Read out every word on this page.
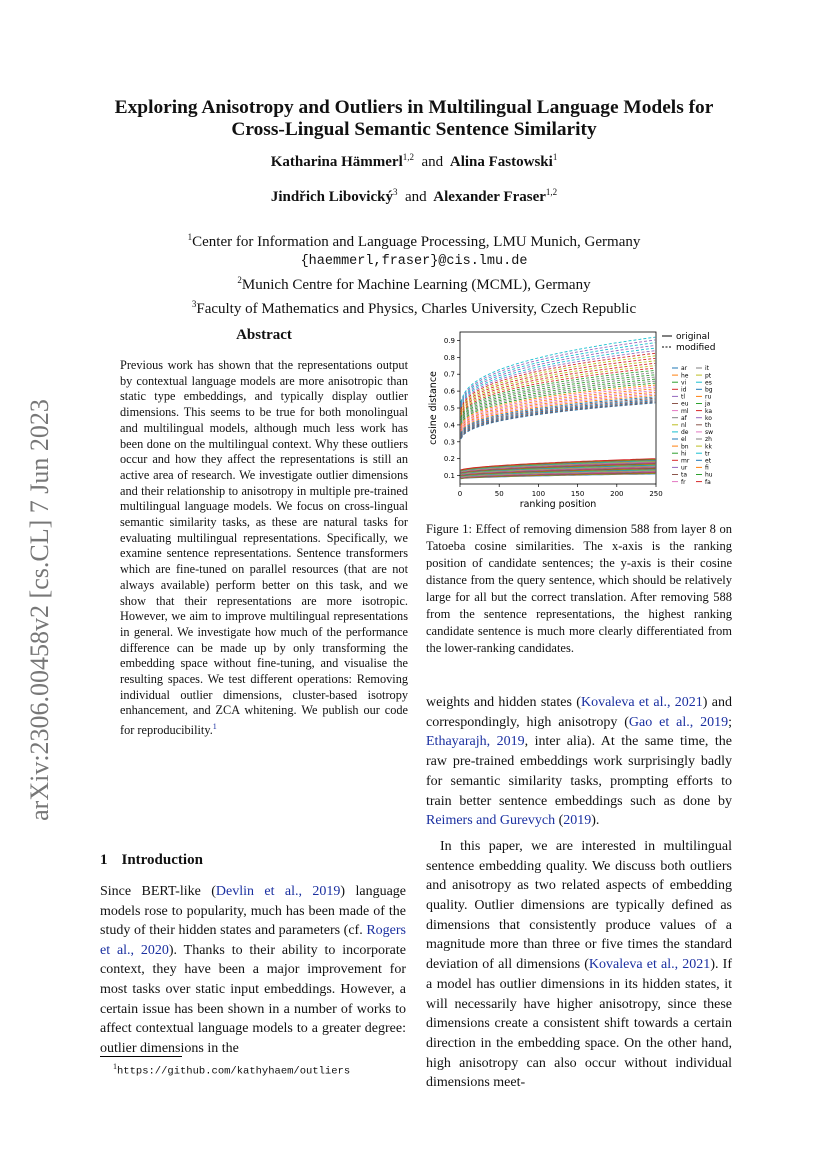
arXiv:2306.00458v2 [cs.CL] 7 Jun 2023
Exploring Anisotropy and Outliers in Multilingual Language Models for
Cross-Lingual Semantic Sentence Similarity
Katharina Hämmerl$^{1,2}$ and Alina Fastowski$^1$
Jindřich Libovický$^3$ and Alexander Fraser$^{1,2}$
$^1$Center for Information and Language Processing, LMU Munich, Germany
{haemmerl,fraser}@cis.lmu.de
$^2$Munich Centre for Machine Learning (MCML), Germany
$^3$Faculty of Mathematics and Physics, Charles University, Czech Republic
Abstract
Previous work has shown that the representations output by contextual language models are more anisotropic than static type embeddings, and typically display outlier dimensions. This seems to be true for both monolingual and multilingual models, although much less work has been done on the multilingual context. Why these outliers occur and how they affect the representations is still an active area of research. We investigate outlier dimensions and their relationship to anisotropy in multiple pre-trained multilingual language models. We focus on cross-lingual semantic similarity tasks, as these are natural tasks for evaluating multilingual representations. Specifically, we examine sentence representations. Sentence transformers which are fine-tuned on parallel resources (that are not always available) perform better on this task, and we show that their representations are more isotropic. However, we aim to improve multilingual representations in general. We investigate how much of the performance difference can be made up by only transforming the embedding space without fine-tuning, and visualise the resulting spaces. We test different operations: Removing individual outlier dimensions, cluster-based isotropy enhancement, and ZCA whitening. We publish our code for reproducibility.$^1$
1 Introduction

Since BERT-like (Devlin et al., 2019) language models rose to popularity, much has been made of the study of their hidden states and parameters (cf. Rogers et al., 2020). Thanks to their ability to incorporate context, they have been a major improvement for most tasks over static input embeddings. However, a certain issue has been shown in a number of works to affect contextual language models to a greater degree: outlier dimensions in the

$^1$https://github.com/kathyhaem/outliers
0	50	100	150	200	250
0.1
0.2
0.3
0.4
0.5
0.6
0.7
0.8
0.9
ranking position
cosine distance
original
modified
ar
he
vi
id
tl
eu
ml
af
nl
de
el
bn
hi
mr
ur
ta
fr
it
pt
es
bg
ru
ja
ka
ko
th
sw
zh
kk
tr
et
fi
hu
fa
Figure 1: Effect of removing dimension 588 from layer 8 on Tatoeba cosine similarities. The x-axis is the ranking position of candidate sentences; the y-axis is their cosine distance from the query sentence, which should be relatively large for all but the correct translation. After removing 588 from the sentence representations, the highest ranking candidate sentence is much more clearly differentiated from the lower-ranking candidates.

weights and hidden states (Kovaleva et al., 2021) and correspondingly, high anisotropy (Gao et al., 2019; Ethayarajh, 2019, inter alia). At the same time, the raw pre-trained embeddings work surprisingly badly for semantic similarity tasks, prompting efforts to train better sentence embeddings such as done by Reimers and Gurevych (2019).

In this paper, we are interested in multilingual sentence embedding quality. We discuss both outliers and anisotropy as two related aspects of embedding quality. Outlier dimensions are typically defined as dimensions that consistently produce values of a magnitude more than three or five times the standard deviation of all dimensions (Kovaleva et al., 2021). If a model has outlier dimensions in its hidden states, it will necessarily have higher anisotropy, since these dimensions create a consistent shift towards a certain direction in the embedding space. On the other hand, high anisotropy can also occur without individual dimensions meet-
